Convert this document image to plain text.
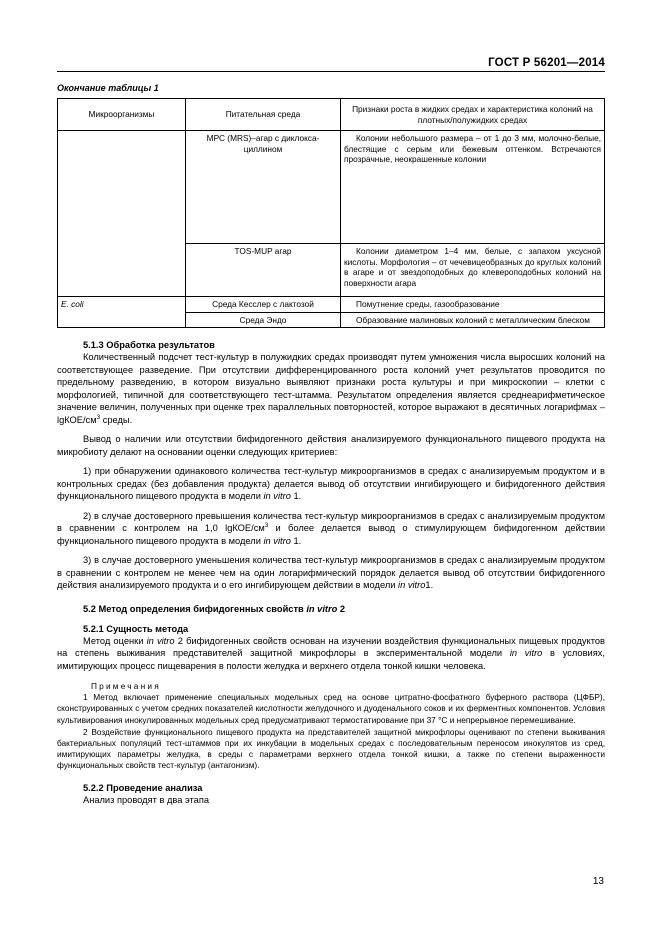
ГОСТ Р 56201—2014
Окончание таблицы 1
Микроорганизмы	Питательная среда	Признаки роста в жидких средах и характеристика колоний на плотных/полужидких средах
	МРС (MRS)–агар с диклокса-циллином	Колонии небольшого размера – от 1 до 3 мм, молочно-белые, блестящие с серым или бежевым оттенком. Встречаются прозрачные, неокрашенные колонии

	TOS-MUP агар	Колонии диаметром 1–4 мм, белые, с запахом уксусной кислоты. Морфология – от чечевицеобразных до круглых колоний в агаре и от звездоподобных до клевероподобных колоний на поверхности агара

E. coli	Среда Кесслер с лактозой	Помутнение среды, газообразование

	Среда Эндо	Образование малиновых колоний с металлическим блеском

5.1.3 Обработка результатов

Количественный подсчет тест-культур в полужидких средах производят путем умножения числа выросших колоний на соответствующее разведение. При отсутствии дифференцированного роста колоний учет результатов проводится по предельному разведению, в котором визуально выявляют признаки роста культуры и при микроскопии – клетки с морфологией, типичной для соответствующего тест-штамма. Результатом определения является среднеарифметическое значение величин, полученных при оценке трех параллельных повторностей, которое выражают в десятичных логарифмах – lgКОЕ/$см^3$ среды.

Вывод о наличии или отсутствии бифидогенного действия анализируемого функционального пищевого продукта на микробиоту делают на основании оценки следующих критериев:

1) при обнаружении одинакового количества тест-культур микроорганизмов в средах с анализируемым продуктом и в контрольных средах (без добавления продукта) делается вывод об отсутствии ингибирующего и бифидогенного действия функционального пищевого продукта в модели in vitro 1.

2) в случае достоверного превышения количества тест-культур микроорганизмов в средах с анализируемым продуктом в сравнении с контролем на 1,0 lgКОЕ/$см^3$ и более делается вывод о стимулирующем бифидогенном действии функционального пищевого продукта в модели in vitro 1.

3) в случае достоверного уменьшения количества тест-культур микроорганизмов в средах с анализируемым продуктом в сравнении с контролем не менее чем на один логарифмический порядок делается вывод об отсутствии бифидогенного действия анализируемого продукта и о его ингибирующем действии в модели in vitro1.

5.2 Метод определения бифидогенных свойств in vitro 2
5.2.1 Сущность метода

Метод оценки in vitro 2 бифидогенных свойств основан на изучении воздействия функциональных пищевых продуктов на степень выживания представителей защитной микрофлоры в экспериментальной модели in vitro в условиях, имитирующих процесс пищеварения в полости желудка и верхнего отдела тонкой кишки человека.

Примечания

1 Метод включает применение специальных модельных сред на основе цитратно-фосфатного буферного раствора (ЦФБР), сконструированных с учетом средних показателей кислотности желудочного и дуоденального соков и их ферментных компонентов. Условия культивирования инокулированных модельных сред предусматривают термостатирование при 37 °С и непрерывное перемешивание.

2 Воздействие функционального пищевого продукта на представителей защитной микрофлоры оценивают по степени выживания бактериальных популяций тест-штаммов при их инкубации в модельных средах с последовательным переносом инокулятов из сред, имитирующих параметры желудка, в среды с параметрами верхнего отдела тонкой кишки, а также по степени выраженности функциональных свойств тест-культур (антагонизм).

5.2.2 Проведение анализа

Анализ проводят в два этапа

13
